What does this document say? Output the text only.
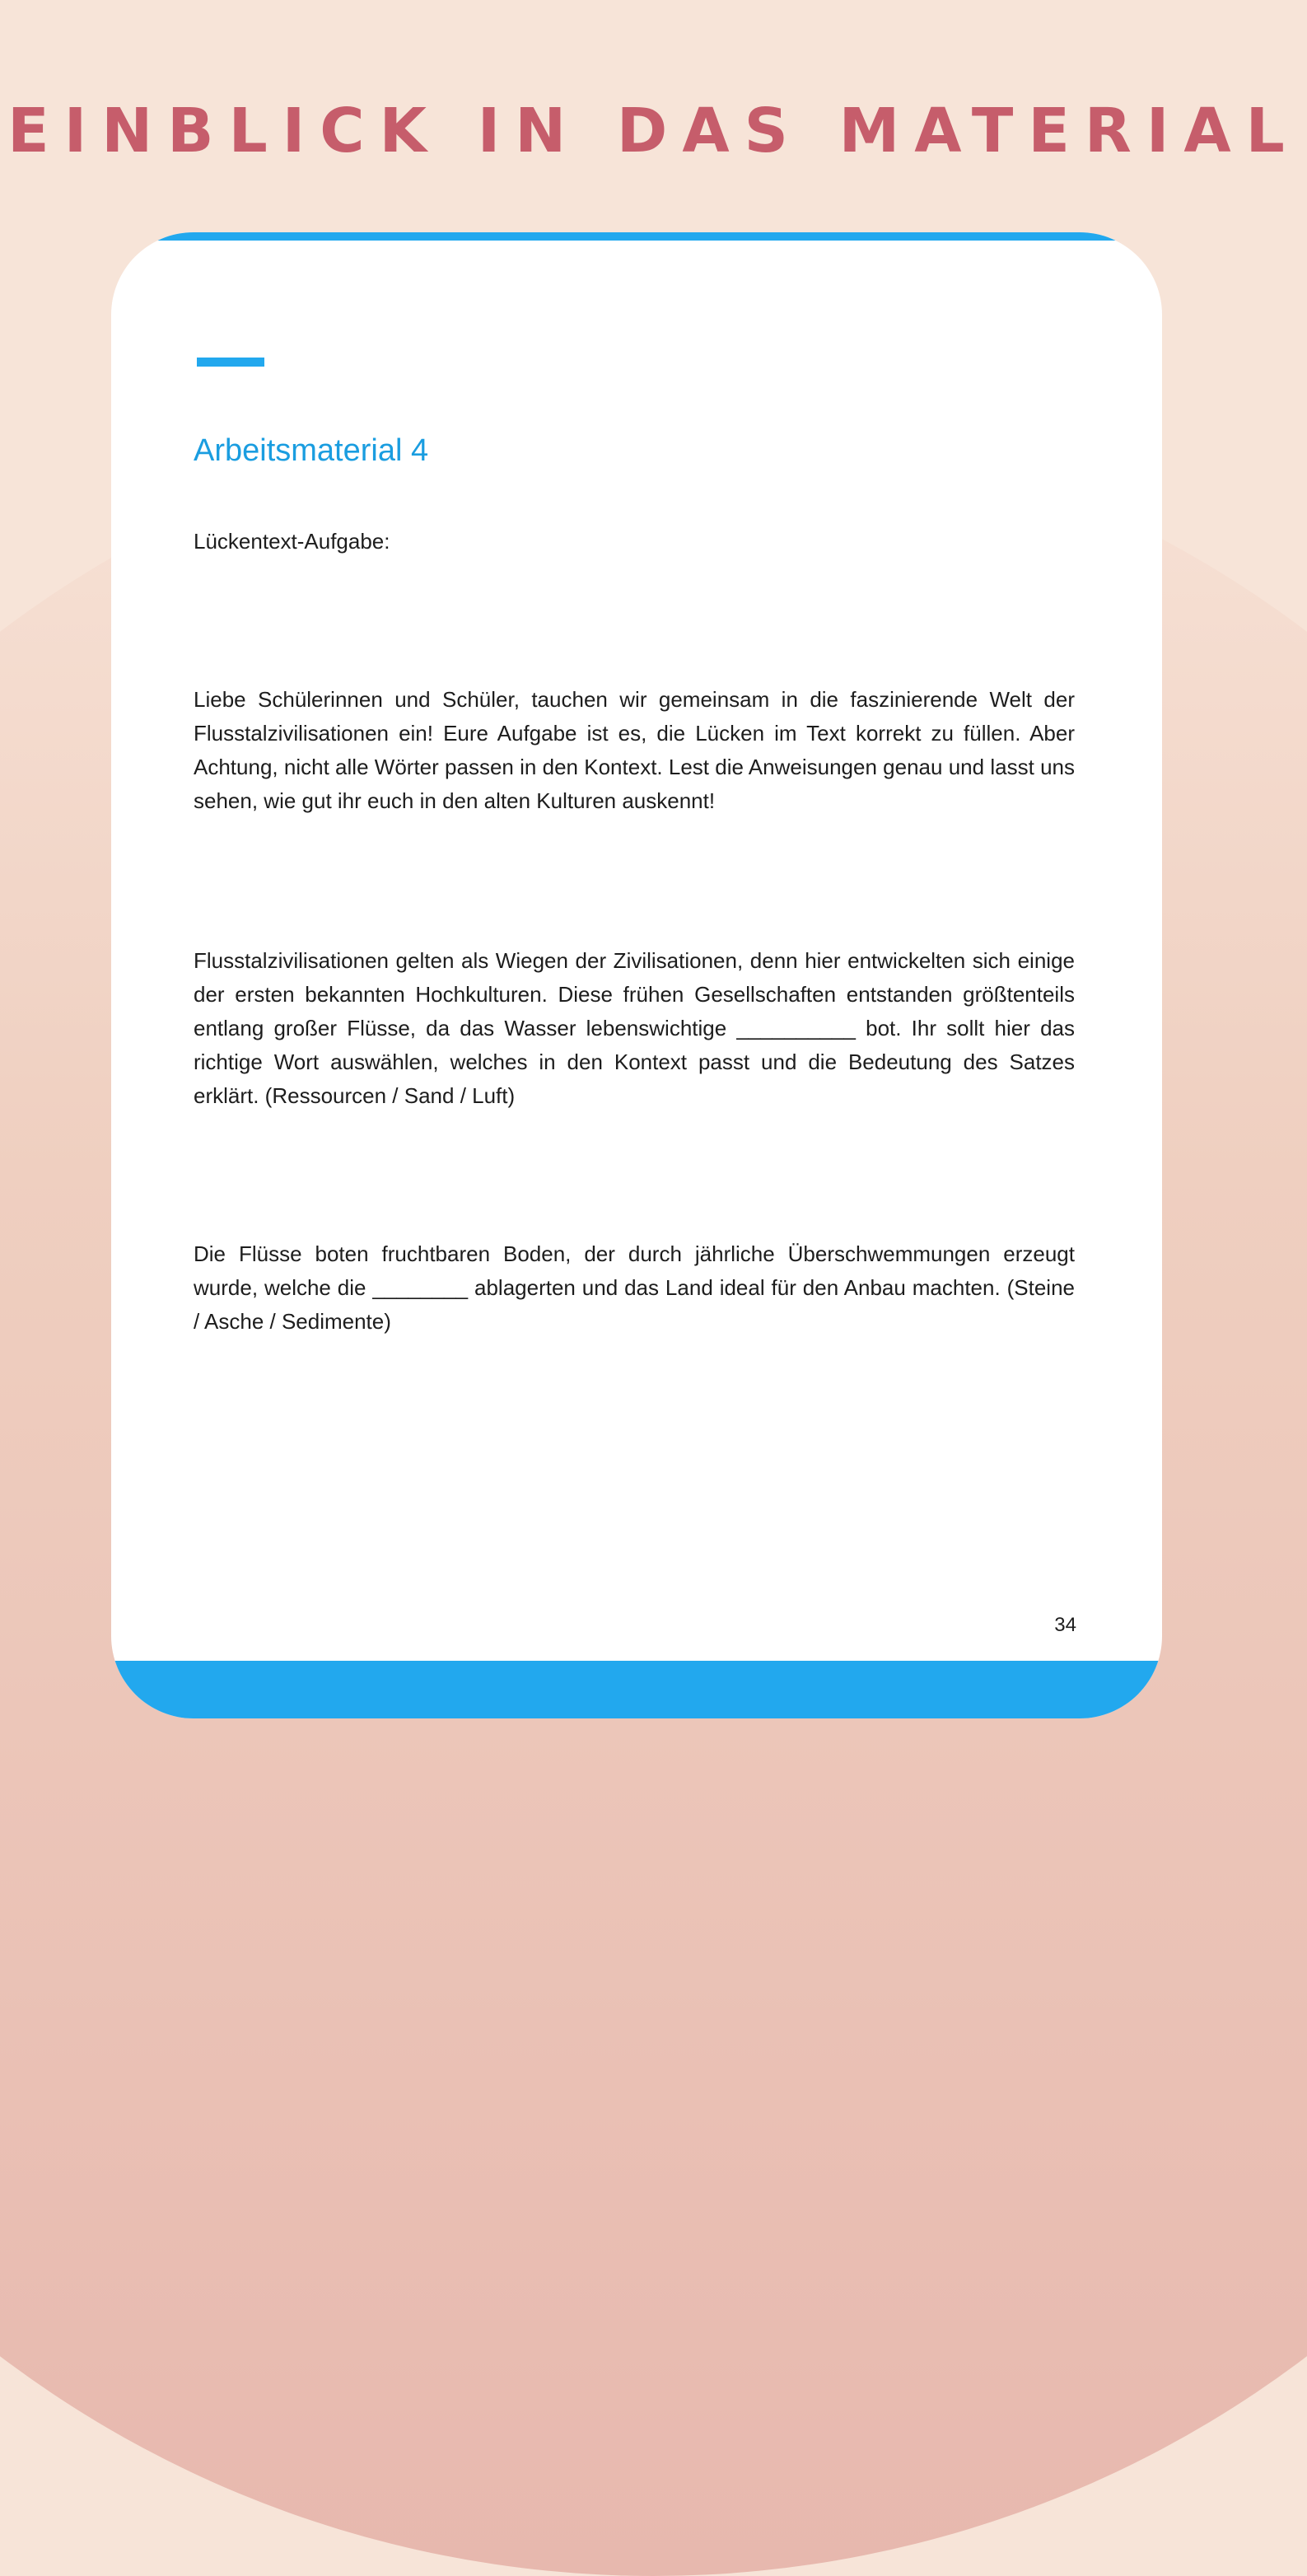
EINBLICK IN DAS MATERIAL
Arbeitsmaterial 4

Lückentext-Aufgabe:

Liebe Schülerinnen und Schüler, tauchen wir gemeinsam in die faszinierende Welt der Flusstalzivilisationen ein! Eure Aufgabe ist es, die Lücken im Text korrekt zu füllen. Aber Achtung, nicht alle Wörter passen in den Kontext. Lest die Anweisungen genau und lasst uns sehen, wie gut ihr euch in den alten Kulturen auskennt!

Flusstalzivilisationen gelten als Wiegen der Zivilisationen, denn hier entwickelten sich einige der ersten bekannten Hochkulturen. Diese frühen Gesellschaften entstanden größtenteils entlang großer Flüsse, da das Wasser lebenswichtige __________ bot. Ihr sollt hier das richtige Wort auswählen, welches in den Kontext passt und die Bedeutung des Satzes erklärt. (Ressourcen / Sand / Luft)

Die Flüsse boten fruchtbaren Boden, der durch jährliche Überschwemmungen erzeugt wurde, welche die ________ ablagerten und das Land ideal für den Anbau machten. (Steine / Asche / Sedimente)

34
